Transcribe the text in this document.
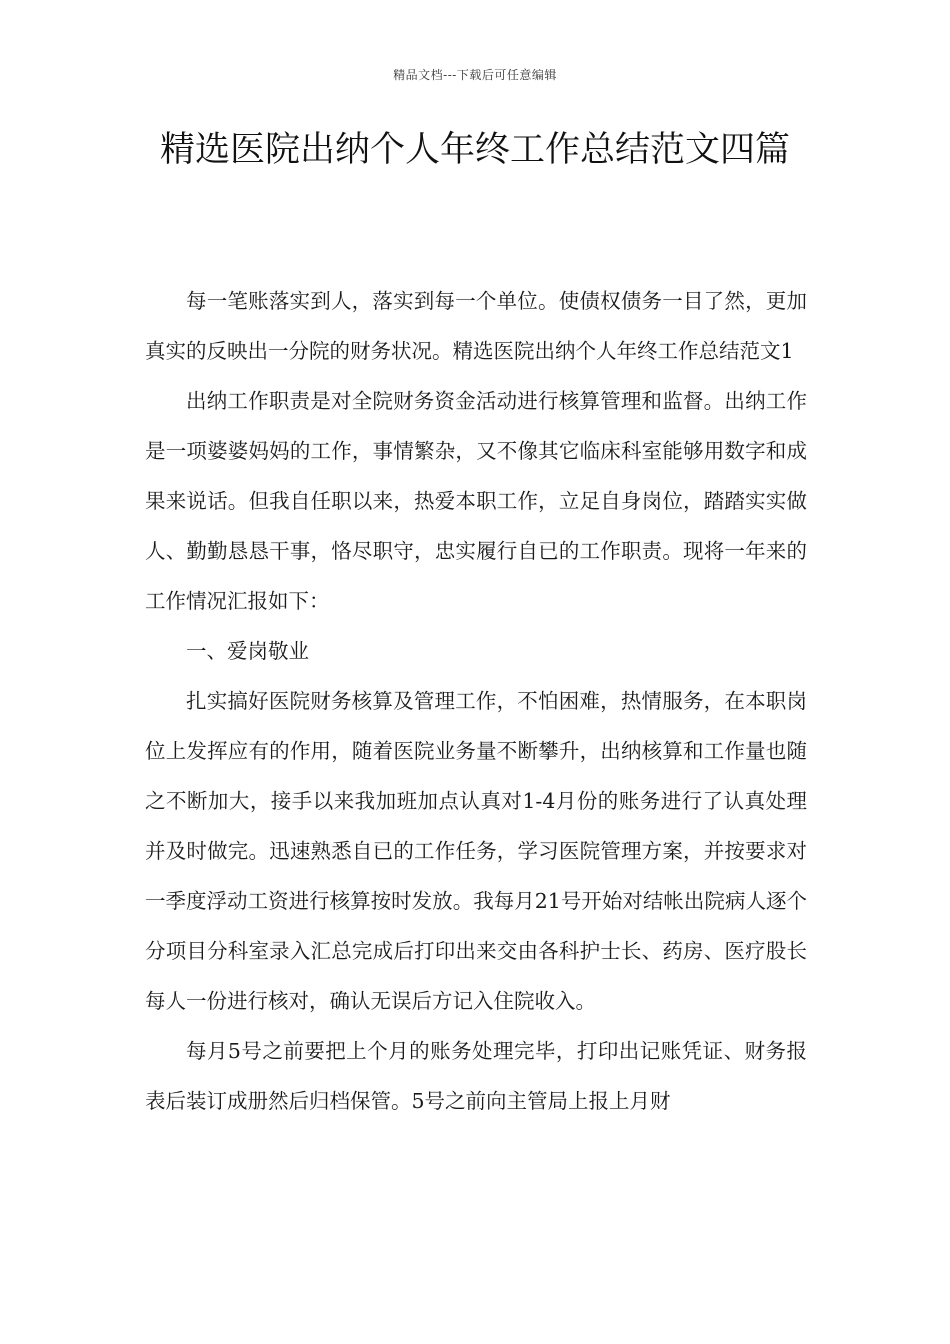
精品文档---下载后可任意编辑
精选医院出纳个人年终工作总结范文四篇

每一笔账落实到人，落实到每一个单位。使债权债务一目了然，更加真实的反映出一分院的财务状况。精选医院出纳个人年终工作总结范文1

出纳工作职责是对全院财务资金活动进行核算管理和监督。出纳工作是一项婆婆妈妈的工作，事情繁杂，又不像其它临床科室能够用数字和成果来说话。但我自任职以来，热爱本职工作，立足自身岗位，踏踏实实做人、勤勤恳恳干事，恪尽职守，忠实履行自已的工作职责。现将一年来的工作情况汇报如下：

一、爱岗敬业

扎实搞好医院财务核算及管理工作，不怕困难，热情服务，在本职岗位上发挥应有的作用，随着医院业务量不断攀升，出纳核算和工作量也随之不断加大，接手以来我加班加点认真对1-4月份的账务进行了认真处理并及时做完。迅速熟悉自已的工作任务，学习医院管理方案，并按要求对一季度浮动工资进行核算按时发放。我每月21号开始对结帐出院病人逐个分项目分科室录入汇总完成后打印出来交由各科护士长、药房、医疗股长每人一份进行核对，确认无误后方记入住院收入。

每月5号之前要把上个月的账务处理完毕，打印出记账凭证、财务报表后装订成册然后归档保管。5号之前向主管局上报上月财
